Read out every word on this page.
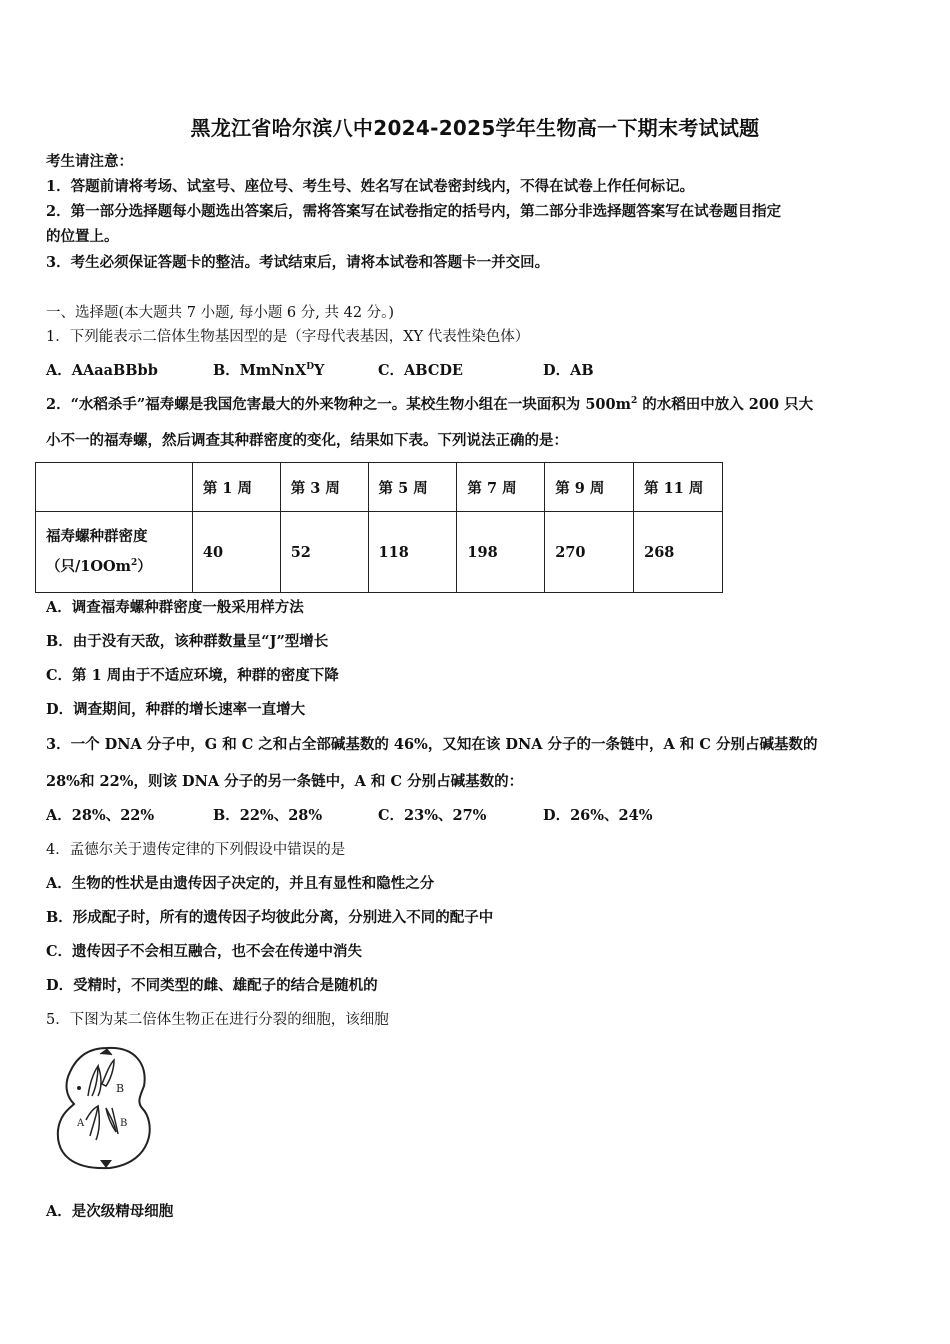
黑龙江省哈尔滨八中2024-2025学年生物高一下期末考试试题
考生请注意：
1．答题前请将考场、试室号、座位号、考生号、姓名写在试卷密封线内，不得在试卷上作任何标记。
2．第一部分选择题每小题选出答案后，需将答案写在试卷指定的括号内，第二部分非选择题答案写在试卷题目指定
的位置上。
3．考生必须保证答题卡的整洁。考试结束后，请将本试卷和答题卡一并交回。
一、选择题(本大题共 7 小题, 每小题 6 分, 共 42 分。)
1．下列能表示二倍体生物基因型的是（字母代表基因，XY 代表性染色体）
A．AAaaBBbb	B．MmNnX$^D$Y	C．ABCDE	D．AB
2．“水稻杀手”福寿螺是我国危害最大的外来物种之一。某校生物小组在一块面积为 $500m^2$ 的水稻田中放入 200 只大
小不一的福寿螺，然后调查其种群密度的变化，结果如下表。下列说法正确的是：
	第 1 周	第 3 周	第 5 周	第 7 周	第 9 周	第 11 周

福寿螺种群密度
（只/1OOm$^2$）	40	52	118	198	270	268
A．调查福寿螺种群密度一般采用样方法
B．由于没有天敌，该种群数量呈“J”型增长
C．第 1 周由于不适应环境，种群的密度下降
D．调查期间，种群的增长速率一直增大
3．一个 DNA 分子中，G 和 C 之和占全部碱基数的 46%，又知在该 DNA 分子的一条链中，A 和 C 分别占碱基数的
28%和 22%，则该 DNA 分子的另一条链中，A 和 C 分别占碱基数的：
A．28%、22%	B．22%、28%	C．23%、27%	D．26%、24%
4．孟德尔关于遗传定律的下列假设中错误的是
A．生物的性状是由遗传因子决定的，并且有显性和隐性之分
B．形成配子时，所有的遗传因子均彼此分离，分别进入不同的配子中
C．遗传因子不会相互融合，也不会在传递中消失
D．受精时，不同类型的雌、雄配子的结合是随机的
5．下图为某二倍体生物正在进行分裂的细胞，该细胞
B
A	B
A．是次级精母细胞
